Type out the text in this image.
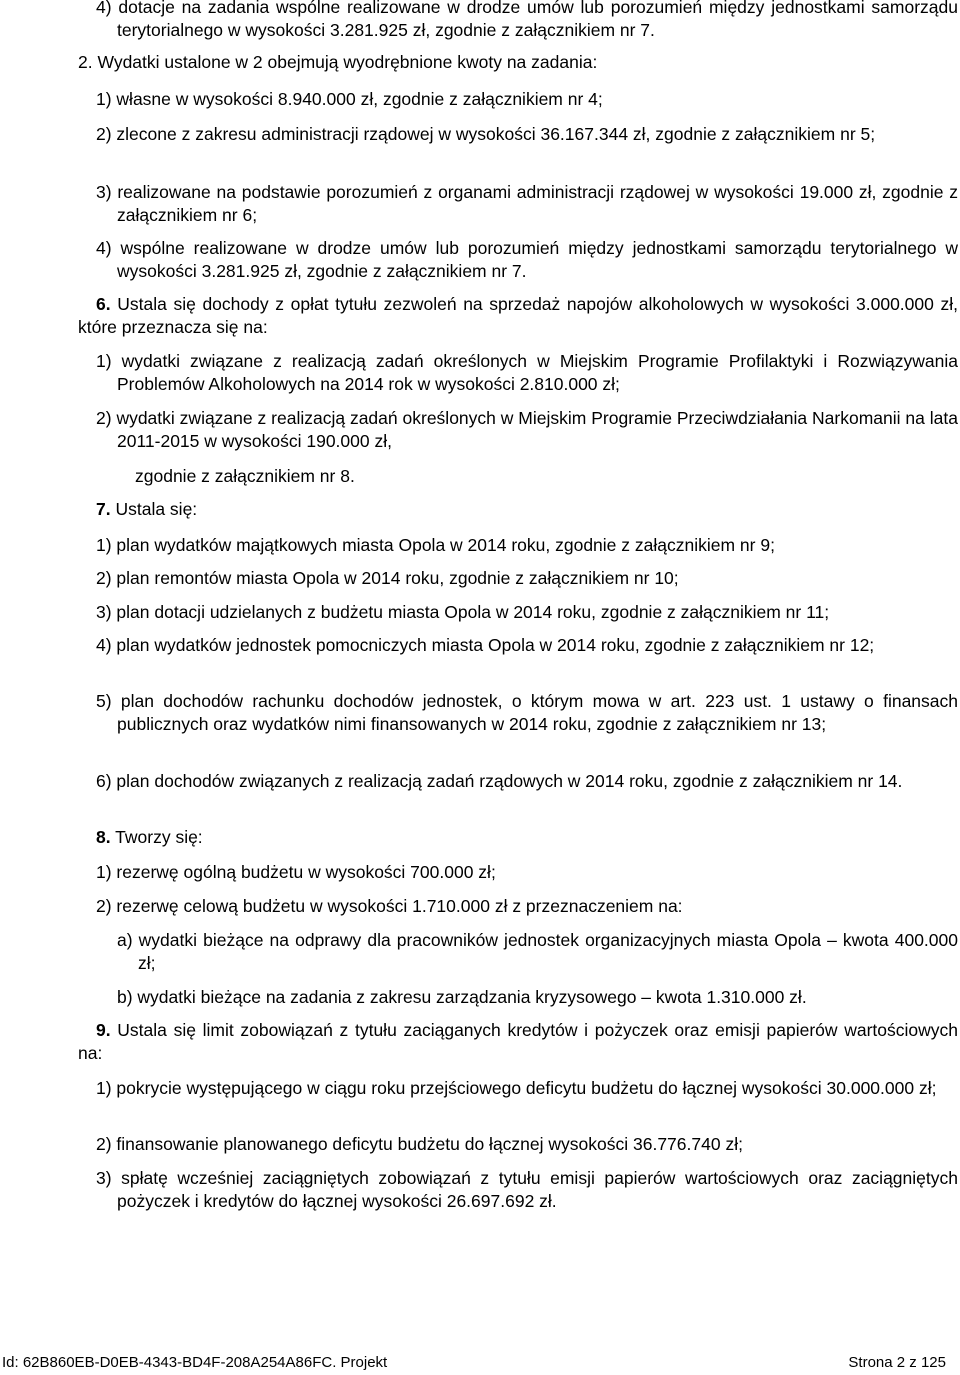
4) dotacje na zadania wspólne realizowane w drodze umów lub porozumień między jednostkami samorządu terytorialnego w wysokości 3.281.925 zł, zgodnie z załącznikiem nr 7.
2. Wydatki ustalone w 2 obejmują wyodrębnione kwoty na zadania:
1) własne w wysokości 8.940.000 zł, zgodnie z załącznikiem nr 4;
2) zlecone z zakresu administracji rządowej w wysokości 36.167.344 zł, zgodnie z załącznikiem nr 5;
3) realizowane na podstawie porozumień z organami administracji rządowej w wysokości 19.000 zł, zgodnie z załącznikiem nr 6;
4) wspólne realizowane w drodze umów lub porozumień między jednostkami samorządu terytorialnego w wysokości 3.281.925 zł, zgodnie z załącznikiem nr 7.
6. Ustala się dochody z opłat tytułu zezwoleń na sprzedaż napojów alkoholowych w wysokości 3.000.000 zł, które przeznacza się na:
1) wydatki związane z realizacją zadań określonych w Miejskim Programie Profilaktyki i Rozwiązywania Problemów Alkoholowych na 2014 rok w wysokości 2.810.000 zł;
2) wydatki związane z realizacją zadań określonych w Miejskim Programie Przeciwdziałania Narkomanii na lata 2011-2015 w wysokości 190.000 zł,
zgodnie z załącznikiem nr 8.
7. Ustala się:
1) plan wydatków majątkowych miasta Opola w 2014 roku, zgodnie z załącznikiem nr 9;
2) plan remontów miasta Opola w 2014 roku, zgodnie z załącznikiem nr 10;
3) plan dotacji udzielanych z budżetu miasta Opola w 2014 roku, zgodnie z załącznikiem nr 11;
4) plan wydatków jednostek pomocniczych miasta Opola w 2014 roku, zgodnie z załącznikiem nr 12;
5) plan dochodów rachunku dochodów jednostek, o którym mowa w art. 223 ust. 1 ustawy o finansach publicznych oraz wydatków nimi finansowanych w 2014 roku, zgodnie z załącznikiem nr 13;
6) plan dochodów związanych z realizacją zadań rządowych w 2014 roku, zgodnie z załącznikiem nr 14.
8. Tworzy się:
1) rezerwę ogólną budżetu w wysokości 700.000 zł;
2) rezerwę celową budżetu w wysokości 1.710.000 zł z przeznaczeniem na:
a) wydatki bieżące na odprawy dla pracowników jednostek organizacyjnych miasta Opola – kwota 400.000 zł;
b) wydatki bieżące na zadania z zakresu zarządzania kryzysowego – kwota 1.310.000 zł.
9. Ustala się limit zobowiązań z tytułu zaciąganych kredytów i pożyczek oraz emisji papierów wartościowych na:
1) pokrycie występującego w ciągu roku przejściowego deficytu budżetu do łącznej wysokości 30.000.000 zł;
2) finansowanie planowanego deficytu budżetu do łącznej wysokości 36.776.740 zł;
3) spłatę wcześniej zaciągniętych zobowiązań z tytułu emisji papierów wartościowych oraz zaciągniętych pożyczek i kredytów do łącznej wysokości 26.697.692 zł.
Id: 62B860EB-D0EB-4343-BD4F-208A254A86FC. Projekt	Strona 2 z 125
